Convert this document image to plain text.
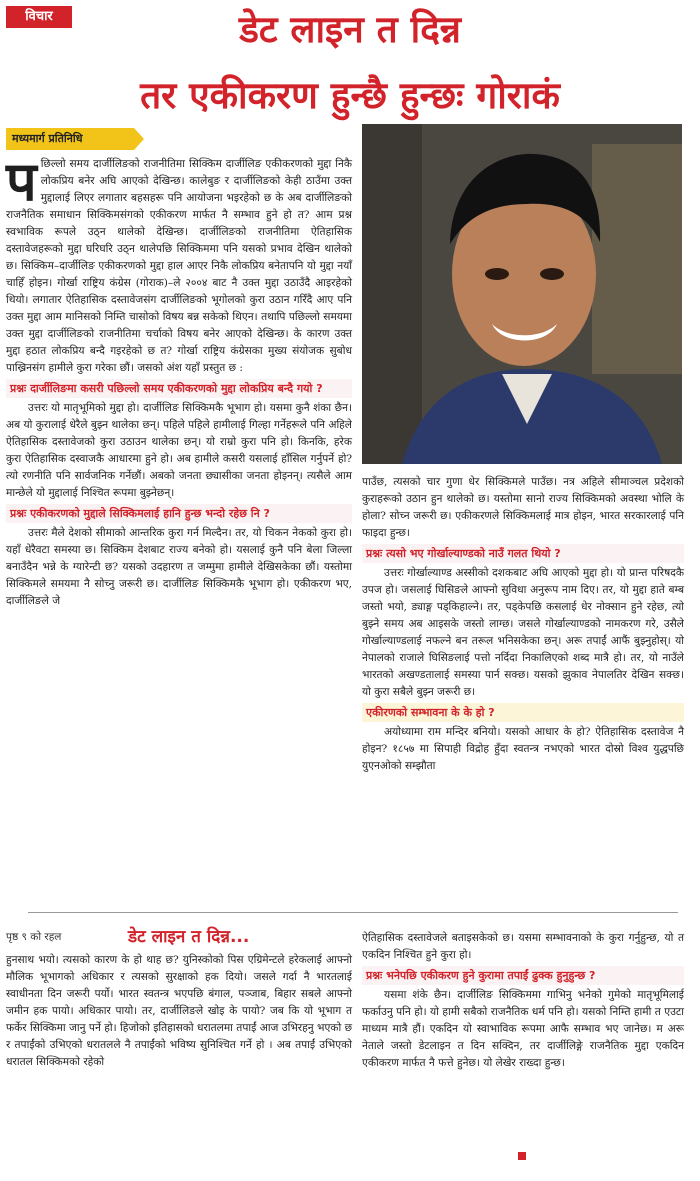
विचार	डेट लाइन त दिन्न
तर एकीकरण हुन्छै हुन्छः गोराकं
मध्यमार्ग प्रतिनिधि

पछिल्लो समय दार्जीलिङको राजनीतिमा सिक्किम दार्जीलिङ एकीकरणको मुद्दा निकै लोकप्रिय बनेर अघि आएको देखिन्छ। कालेबुङ र दार्जीलिङको केही ठाउँमा उक्त मुद्दालाई लिएर लगातार बहसहरू पनि आयोजना भइरहेको छ के अब दार्जीलिङको राजनैतिक समाधान सिक्किमसंगको एकीकरण मार्फत नै सम्भाव हुने हो त? आम प्रश्न स्वभाविक रूपले उठ्न थालेको देखिन्छ। दार्जीलिङको राजनीतिमा ऐतिहासिक दस्तावेजहरूको मुद्दा घरिघरि उठ्न थालेपछि सिक्किममा पनि यसको प्रभाव देखिन थालेको छ। सिक्किम–दार्जीलिङ एकीकरणको मुद्दा हाल आएर निकै लोकप्रिय बनेतापनि यो मुद्दा नयाँ चाहिँ होइन। गोर्खा राष्ट्रिय कंग्रेस (गोराक)–ले २००४ बाट नै उक्त मुद्दा उठाउँदै आइरहेको थियो। लगातार ऐतिहासिक दस्तावेजसंग दार्जीलिङको भूगोलको कुरा उठान गरिँदै आए पनि उक्त मुद्दा आम मानिसको निम्ति चासोको विषय बन्न सकेको थिएन। तथापि पछिल्लो समयमा उक्त मुद्दा दार्जीलिङको राजनीतिमा चर्चाको विषय बनेर आएको देखिन्छ। के कारण उक्त मुद्दा हठात लोकप्रिय बन्दै गइरहेको छ त? गोर्खा राष्ट्रिय कंग्रेसका मुख्य संयोजक सुबोध पाख्रिनसंग हामीले कुरा गरेका छौं। जसको अंश यहाँ प्रस्तुत छ :

प्रश्नः दार्जीलिङमा कसरी पछिल्लो समय एकीकरणको मुद्दा लोकप्रिय बन्दै गयो ?

उत्तरः यो मातृभूमिको मुद्दा हो। दार्जीलिङ सिक्किमकै भूभाग हो। यसमा कुनै शंका छैन। अब यो कुरालाई धेरैले बुझ्न थालेका छन्। पहिले पहिले हामीलाई गिल्हा गर्नेहरूले पनि अहिले ऐतिहासिक दस्तावेजको कुरा उठाउन थालेका छन्। यो राम्रो कुरा पनि हो। किनकि, हरेक कुरा ऐतिहासिक दस्वाजकै आधारमा हुने हो। अब हामीले कसरी यसलाई हाँसिल गर्नुपर्ने हो? त्यो रणनीति पनि सार्वजनिक गर्नेछौं। अबको जनता छ्यासीका जनता होइनन्। त्यसैले आम मान्छेले यो मुद्दालाई निश्चित रूपमा बुझ्नेछन्।

प्रश्नः एकीकरणको मुद्दाले सिक्किमलाई हानि हुन्छ भन्दो रहेछ नि ?

उत्तरः मैले देशको सीमाको आन्तरिक कुरा गर्न मिल्दैन। तर, यो चिकन नेकको कुरा हो। यहाँ धेरैवटा समस्या छ। सिक्किम देशबाट राज्य बनेको हो। यसलाई कुनै पनि बेला जिल्ला बनाउँदैन भन्ने के ग्यारेन्टी छ? यसको उदहारण त जम्मुमा हामीले देखिसकेका छौं। यस्तोमा सिक्किमले समयमा नै सोच्नु जरूरी छ। दार्जीलिङ सिक्किमकै भूभाग हो। एकीकरण भए, दार्जीलिङले जे

पाउँछ, त्यसको चार गुणा धेर सिक्किमले पाउँछ। नत्र अहिले सीमाञ्चल प्रदेशको कुराहरूको उठान हुन थालेको छ। यस्तोमा सानो राज्य सिक्किमको अवस्था भोलि के होला? सोच्न जरूरी छ। एकीकरणले सिक्किमलाई मात्र होइन, भारत सरकारलाई पनि फाइदा हुन्छ।

प्रश्नः त्यसो भए गोर्खाल्याण्डको नाउँ गलत थियो ?

उत्तरः गोर्खाल्याण्ड अस्सीको दशकबाट अघि आएको मुद्दा हो। यो प्रान्त परिषदकै उपज हो। जसलाई घिसिङले आफ्नो सुविधा अनुरूप नाम दिए। तर, यो मुद्दा हाते बम्ब जस्तो भयो, ड्याङ्ग पड्किहाल्ने। तर, पड्केपछि कसलाई धेर नोक्सान हुने रहेछ, त्यो बुझ्ने समय अब आइसके जस्तो लाग्छ। जसले गोर्खाल्याण्डको नामकरण गरे, उसैले गोर्खाल्याण्डलाई नफल्ने बन तरूल भनिसकेका छन्। अरू तपाईं आफैं बुझ्नुहोस्। यो नेपालको राजाले घिसिङलाई पत्तो नर्दिदा निकालिएको शब्द मात्रै हो। तर, यो नाउँले भारतको अखण्डतालाई समस्या पार्न सक्छ। यसको झुकाव नेपालतिर देखिन सक्छ। यो कुरा सबैले बुझ्न जरूरी छ।

एकीरणको सम्भावना के के हो ?

अयोध्यामा राम मन्दिर बनियो। यसको आधार के हो? ऐतिहासिक दस्तावेज नै होइन? १८५७ मा सिपाही विद्रोह हुँदा स्वतन्त्र नभएको भारत दोस्रो विश्व युद्धपछि युएनओको सम्झौता

पृष्ठ ९ को रहल	डेट लाइन त दिन्न...

हुनसाथ भयो। त्यसको कारण के हो थाह छ? युनिस्कोको पिस एग्रिमेन्टले हरेकलाई आफ्नो मौलिक भूभागको अधिकार र त्यसको सुरक्षाको हक दियो। जसले गर्दा नै भारतलाई स्वाधीनता दिन जरूरी पर्यो। भारत स्वतन्त्र भएपछि बंगाल, पञ्जाब, बिहार सबले आफ्नो जमीन हक पायो। अधिकार पायो। तर, दार्जीलिङले खोइ के पायो? जब कि यो भूभाग त फर्केर सिक्किमा जानु पर्ने हो। हिजोको इतिहासको धरातलमा तपाईं आज उभिरहनु भएको छ र तपाईंको उभिएको धरातलले नै तपाईंको भविष्य सुनिश्चित गर्ने हो । अब तपाईं उभिएको धरातल सिक्किमको रहेको

ऐतिहासिक दस्तावेजले बताइसकेको छ। यसमा सम्भावनाको के कुरा गर्नुहुन्छ, यो त एकदिन निश्चित हुने कुरा हो।

प्रश्नः भनेपछि एकीकरण हुने कुरामा तपाईं ढुक्क हुनुहुन्छ ?

यसमा शंके छैन। दार्जीलिङ सिक्किममा गाभिनु भनेको गुमेको मातृभूमिलाई फर्काउनु पनि हो। यो हामी सबैको राजनैतिक धर्म पनि हो। यसको निम्ति हामी त एउटा माध्यम मात्रै हौं। एकदिन यो स्वाभाविक रूपमा आफै सम्भाव भए जानेछ। म अरू नेताले जस्तो डेटलाइन त दिन सक्दिन, तर दार्जीलिङ्गे राजनैतिक मुद्दा एकदिन एकीकरण मार्फत नै फत्ते हुनेछ। यो लेखेर राख्दा हुन्छ।
